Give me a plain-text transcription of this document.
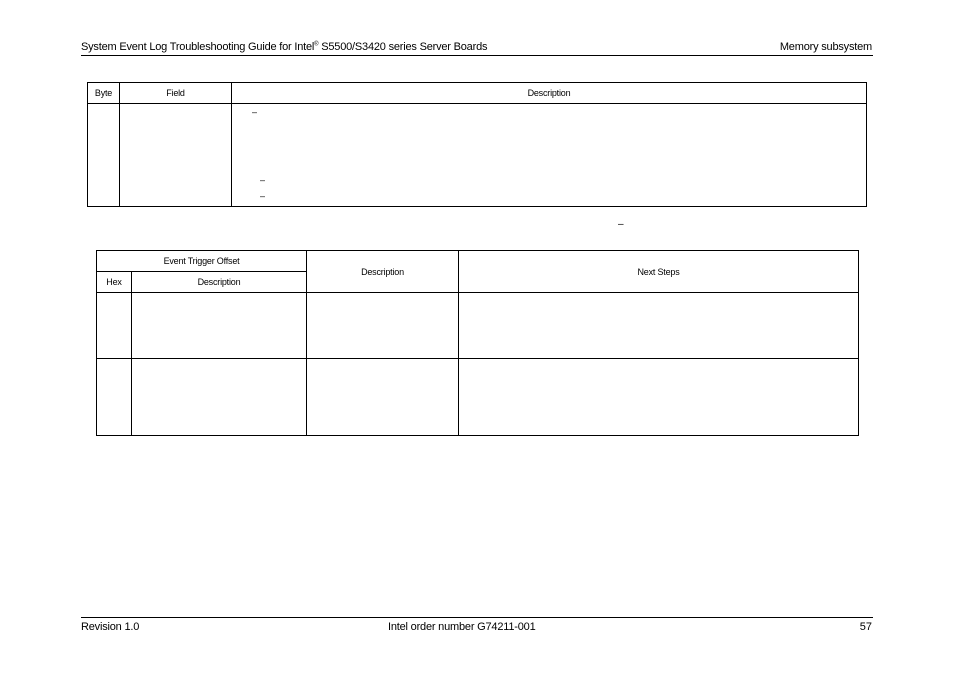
System Event Log Troubleshooting Guide for Intel® S5500/S3420 series Server Boards	Memory subsystem
Byte	Field	Description

		–
–
–
–
Event Trigger Offset		Description	Next Steps
Hex	Description		

Revision 1.0	Intel order number G74211-001	57
